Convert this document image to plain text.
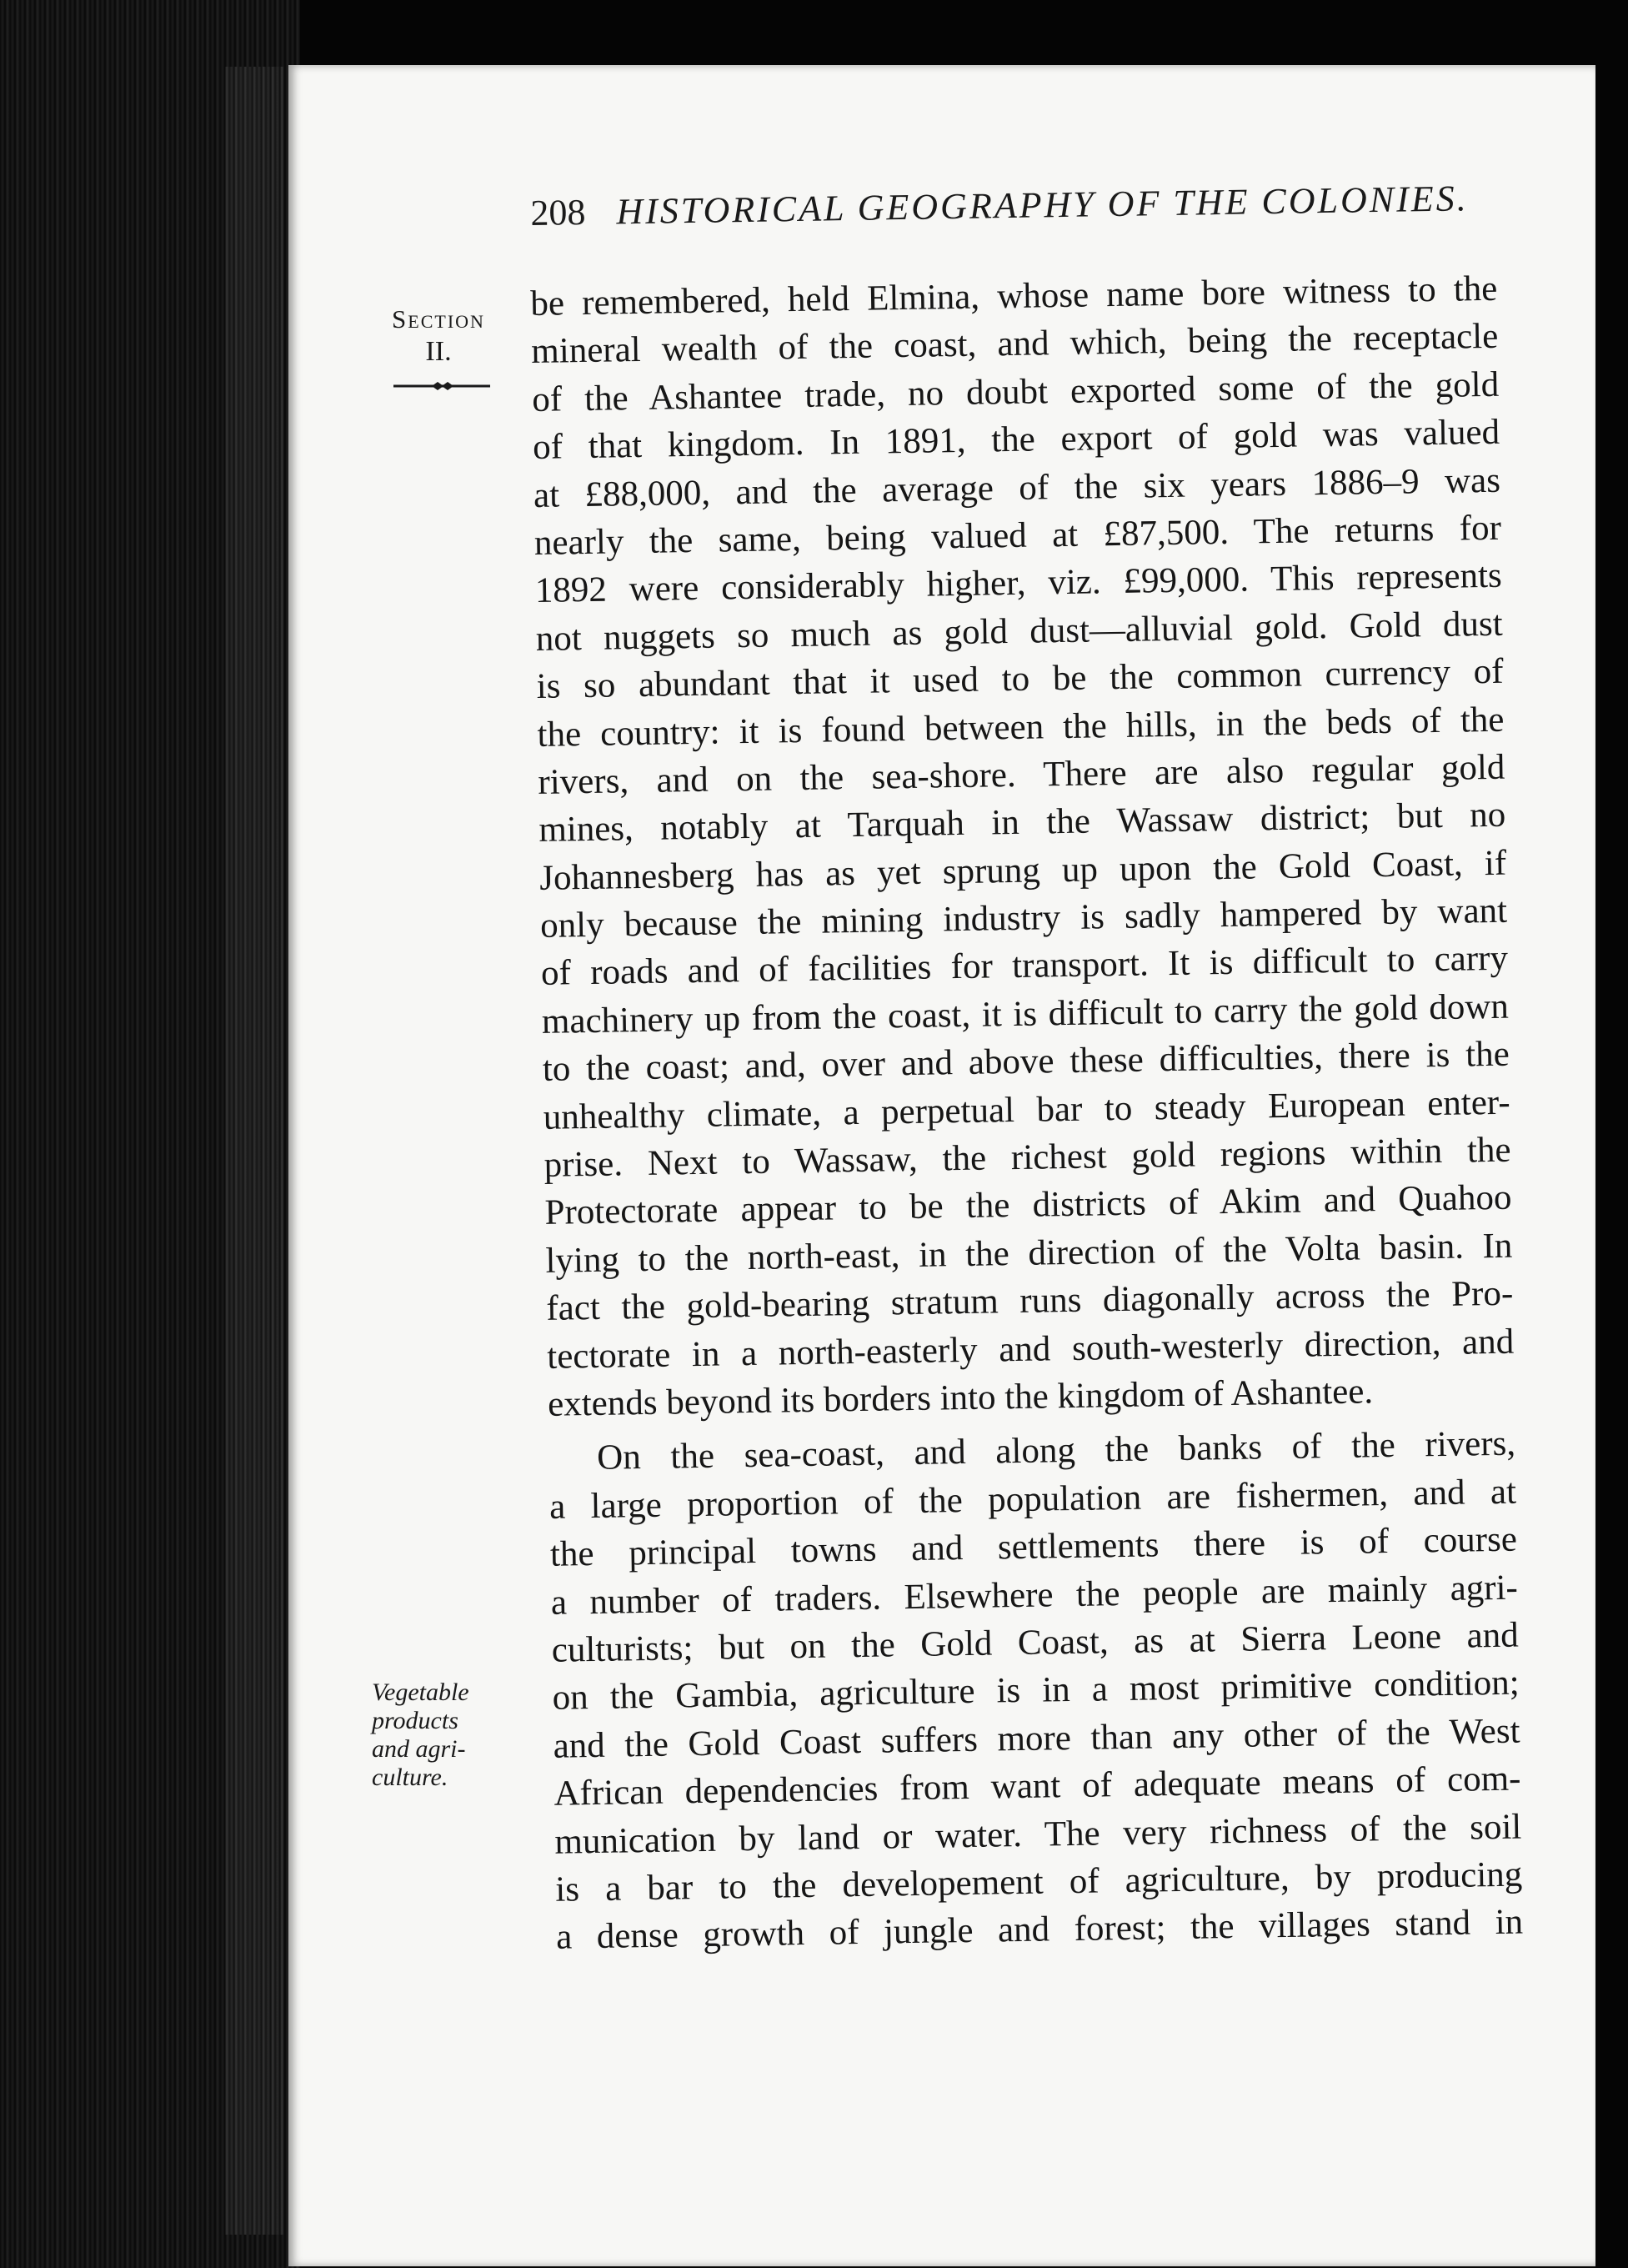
208 HISTORICAL GEOGRAPHY OF THE COLONIES.
Section
II.
Vegetable
products
and agri-
culture.
be remembered, held Elmina, whose name bore witness to the
mineral wealth of the coast, and which, being the receptacle
of the Ashantee trade, no doubt exported some of the gold
of that kingdom. In 1891, the export of gold was valued
at £88,000, and the average of the six years 1886–9 was
nearly the same, being valued at £87,500. The returns for
1892 were considerably higher, viz. £99,000. This represents
not nuggets so much as gold dust—alluvial gold. Gold dust
is so abundant that it used to be the common currency of
the country: it is found between the hills, in the beds of the
rivers, and on the sea-shore. There are also regular gold
mines, notably at Tarquah in the Wassaw district; but no
Johannesberg has as yet sprung up upon the Gold Coast, if
only because the mining industry is sadly hampered by want
of roads and of facilities for transport. It is difficult to carry
machinery up from the coast, it is difficult to carry the gold down
to the coast; and, over and above these difficulties, there is the
unhealthy climate, a perpetual bar to steady European enter-
prise. Next to Wassaw, the richest gold regions within the
Protectorate appear to be the districts of Akim and Quahoo
lying to the north-east, in the direction of the Volta basin. In
fact the gold-bearing stratum runs diagonally across the Pro-
tectorate in a north-easterly and south-westerly direction, and
extends beyond its borders into the kingdom of Ashantee.
On the sea-coast, and along the banks of the rivers,
a large proportion of the population are fishermen, and at
the principal towns and settlements there is of course
a number of traders. Elsewhere the people are mainly agri-
culturists; but on the Gold Coast, as at Sierra Leone and
on the Gambia, agriculture is in a most primitive condition;
and the Gold Coast suffers more than any other of the West
African dependencies from want of adequate means of com-
munication by land or water. The very richness of the soil
is a bar to the developement of agriculture, by producing
a dense growth of jungle and forest; the villages stand in
